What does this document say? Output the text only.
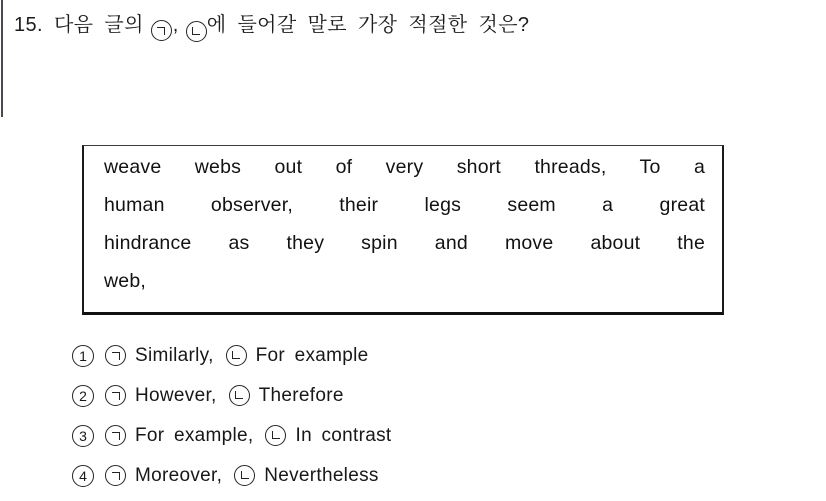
15. 다음 글의 , 에 들어갈 말로 가장 적절한 것은?
weave webs out of very short threads, To a
human observer, their legs seem a great
hindrance as they spin and move about the
web,
1	Similarly, For example
2	However, Therefore
3	For example, In contrast
4	Moreover, Nevertheless
